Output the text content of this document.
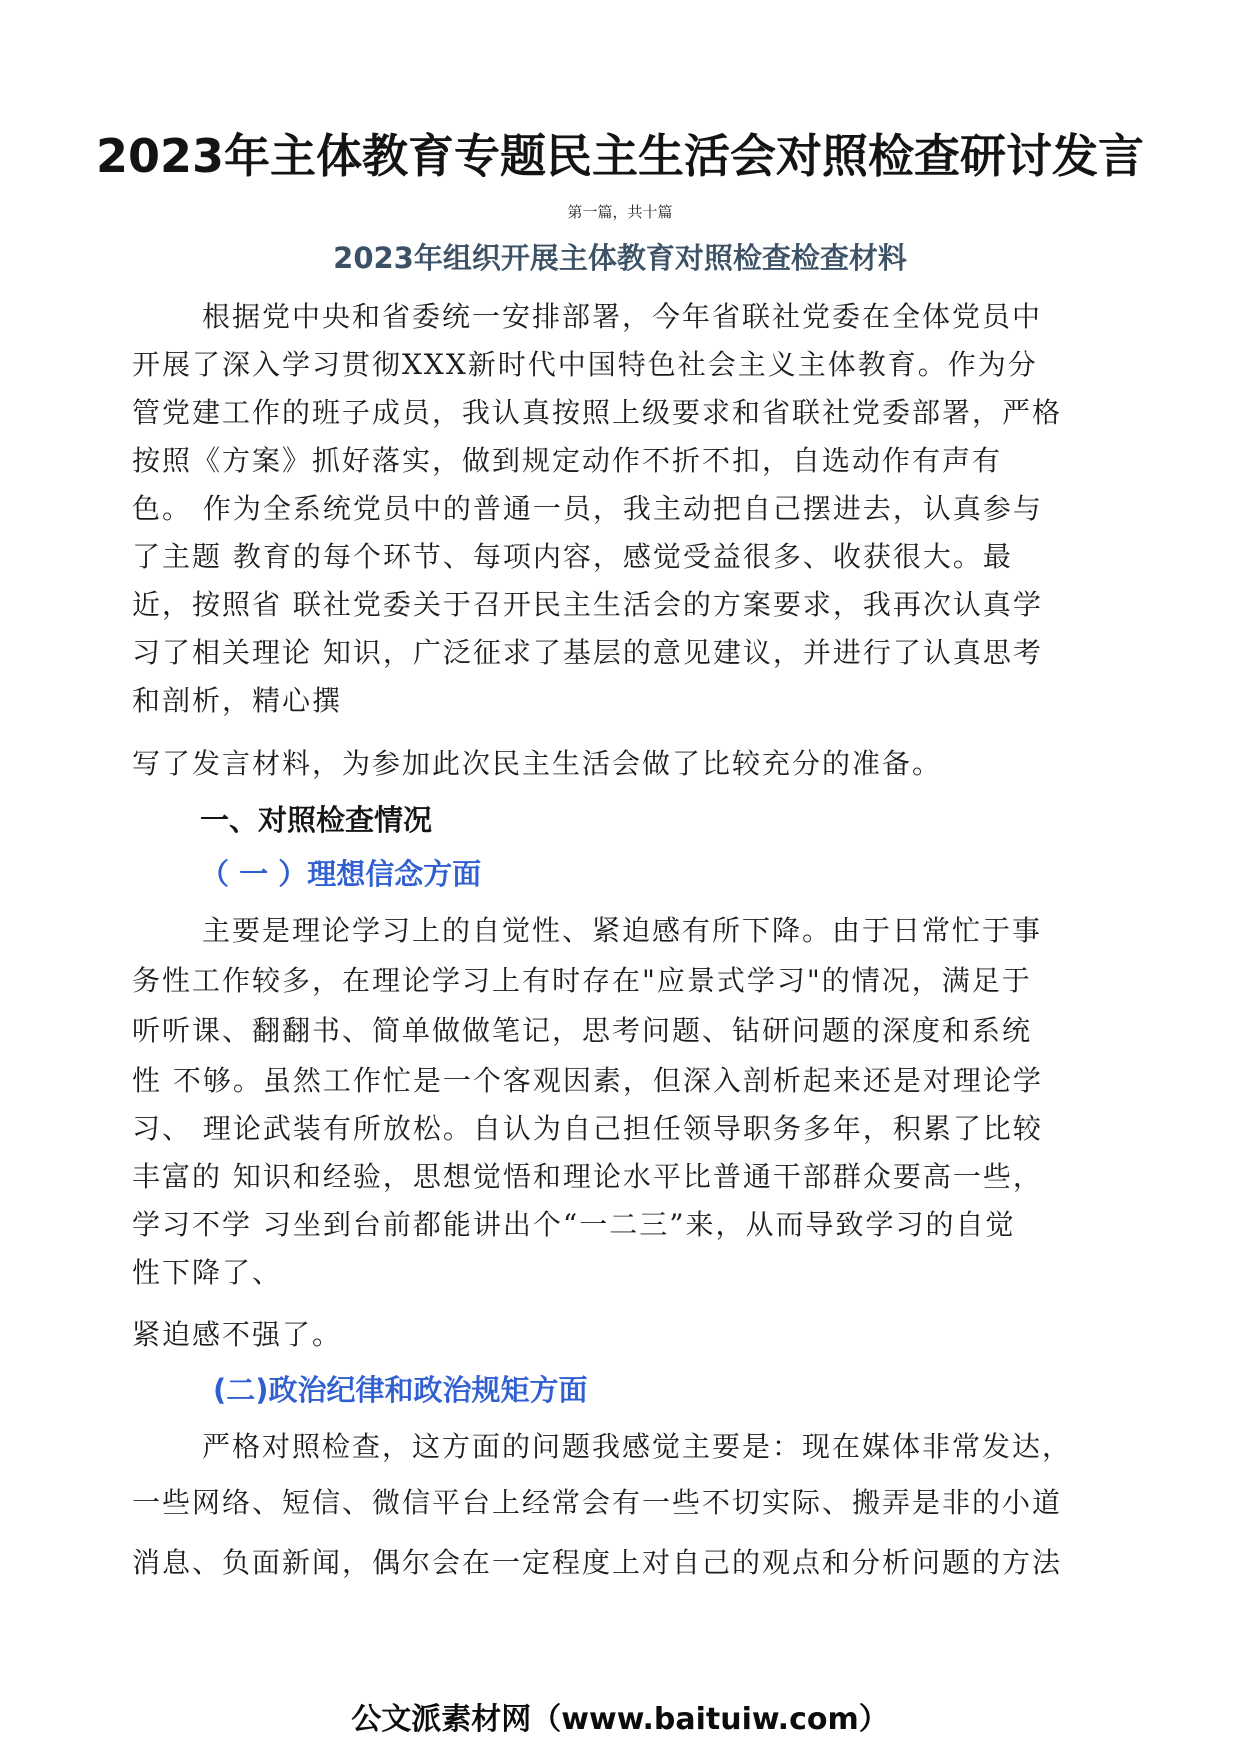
2023年主体教育专题民主生活会对照检查研讨发言
第一篇，共十篇
2023年组织开展主体教育对照检查检查材料
根据党中央和省委统一安排部署，今年省联社党委在全体党员中
开展了深入学习贯彻XXX新时代中国特色社会主义主体教育。作为分
管党建工作的班子成员，我认真按照上级要求和省联社党委部署，严格
按照《方案》抓好落实，做到规定动作不折不扣，自选动作有声有
色。 作为全系统党员中的普通一员，我主动把自己摆进去，认真参与
了主题 教育的每个环节、每项内容，感觉受益很多、收获很大。最
近，按照省 联社党委关于召开民主生活会的方案要求，我再次认真学
习了相关理论 知识，广泛征求了基层的意见建议，并进行了认真思考
和剖析，精心撰
写了发言材料，为参加此次民主生活会做了比较充分的准备。
一、对照检查情况
（ 一 ）理想信念方面
主要是理论学习上的自觉性、紧迫感有所下降。由于日常忙于事
务性工作较多，在理论学习上有时存在"应景式学习"的情况，满足于
听听课、翻翻书、简单做做笔记，思考问题、钻研问题的深度和系统
性 不够。虽然工作忙是一个客观因素，但深入剖析起来还是对理论学
习、 理论武装有所放松。自认为自己担任领导职务多年，积累了比较
丰富的 知识和经验，思想觉悟和理论水平比普通干部群众要高一些，
学习不学 习坐到台前都能讲出个“一二三”来，从而导致学习的自觉
性下降了、
紧迫感不强了。
(二)政治纪律和政治规矩方面
严格对照检查，这方面的问题我感觉主要是：现在媒体非常发达，
一些网络、短信、微信平台上经常会有一些不切实际、搬弄是非的小道
消息、负面新闻，偶尔会在一定程度上对自己的观点和分析问题的方法
公文派素材网（www.baituiw.com）
